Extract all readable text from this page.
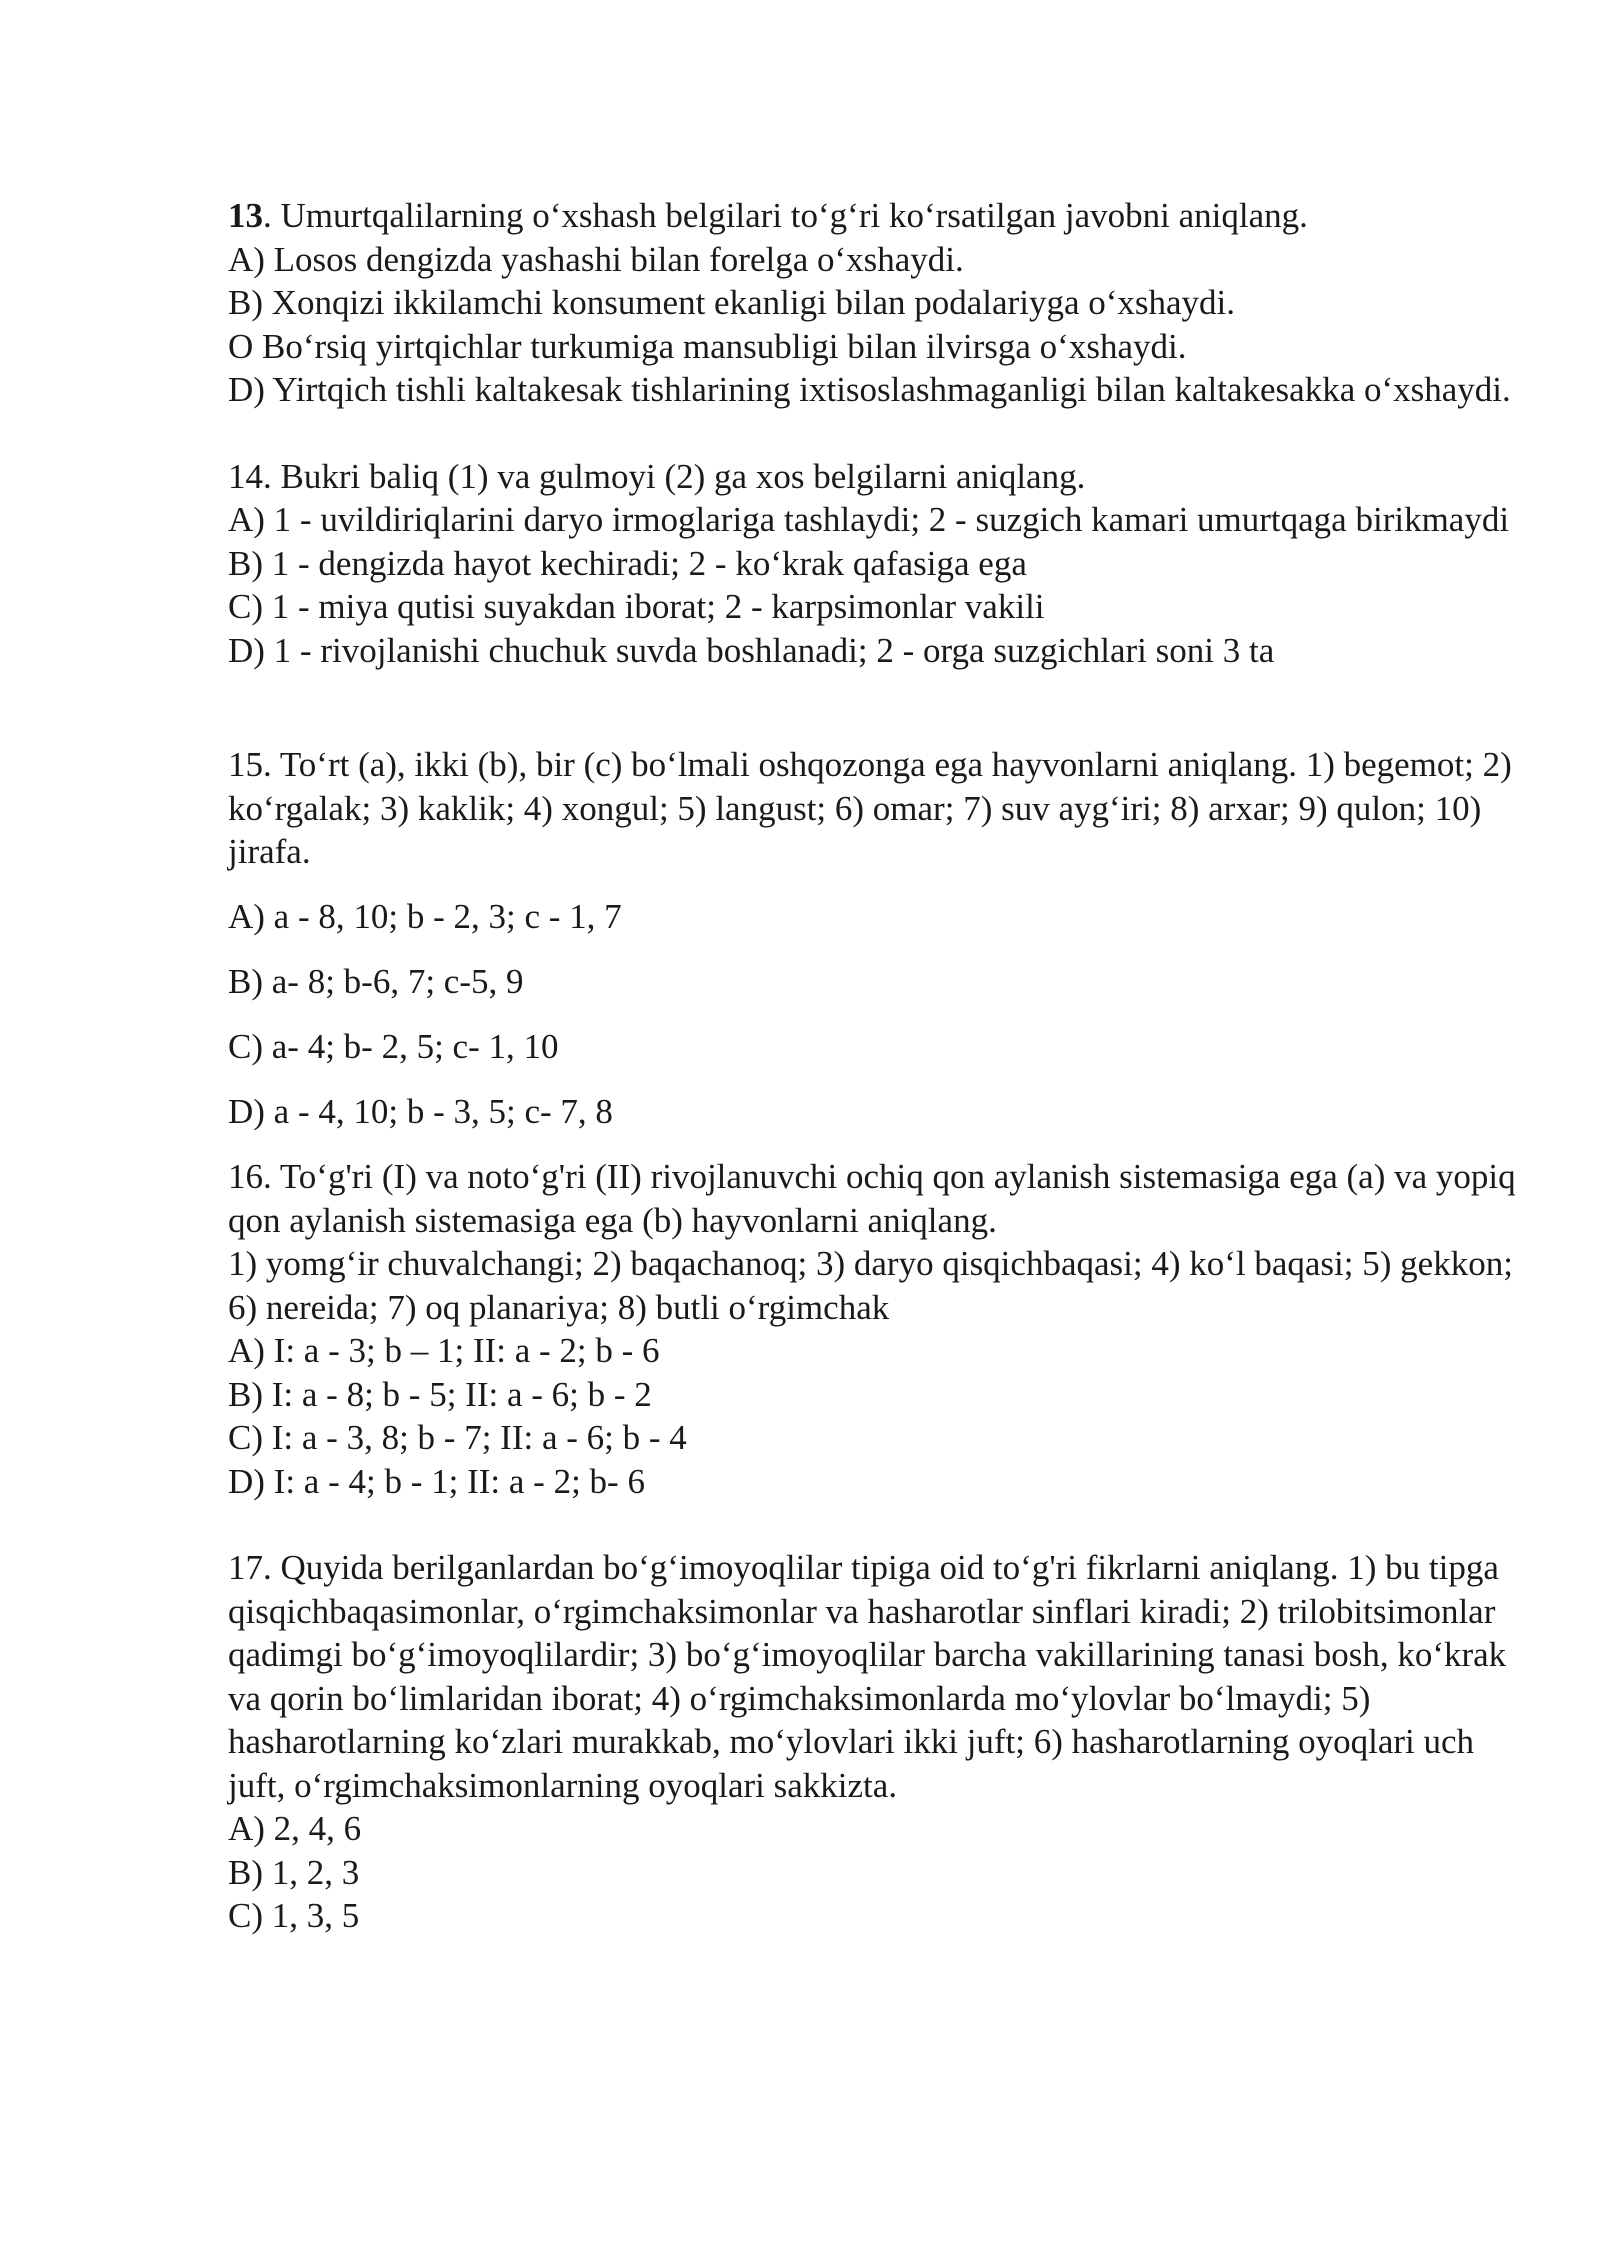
13. Umurtqalilarning o‘xshash belgilari to‘g‘ri ko‘rsatilgan javobni aniqlang.

A) Losos dengizda yashashi bilan forelga o‘xshaydi.

B) Xonqizi ikkilamchi konsument ekanligi bilan podalariyga o‘xshaydi.

O Bo‘rsiq yirtqichlar turkumiga mansubligi bilan ilvirsga o‘xshaydi.

D) Yirtqich tishli kaltakesak tishlarining ixtisoslashmaganligi bilan kaltakesakka o‘xshaydi.

14. Bukri baliq (1) va gulmoyi (2) ga xos belgilarni aniqlang.

A) 1 - uvildiriqlarini daryo irmoglariga tashlaydi; 2 - suzgich kamari umurtqaga birikmaydi

B) 1 - dengizda hayot kechiradi; 2 - ko‘krak qafasiga ega

C) 1 - miya qutisi suyakdan iborat; 2 - karpsimonlar vakili

D) 1 - rivojlanishi chuchuk suvda boshlanadi; 2 - orga suzgichlari soni 3 ta

15. To‘rt (a), ikki (b), bir (c) bo‘lmali oshqozonga ega hayvonlarni aniqlang. 1) begemot; 2) ko‘rgalak; 3) kaklik; 4) xongul; 5) langust; 6) omar; 7) suv ayg‘iri; 8) arxar; 9) qulon; 10) jirafa.

A) a - 8, 10; b - 2, 3; c - 1, 7

B) a- 8; b-6, 7; c-5, 9

C) a- 4; b- 2, 5; c- 1, 10

D) a - 4, 10; b - 3, 5; c- 7, 8

16. To‘g'ri (I) va noto‘g'ri (II) rivojlanuvchi ochiq qon aylanish sistemasiga ega (a) va yopiq qon aylanish sistemasiga ega (b) hayvonlarni aniqlang.

1) yomg‘ir chuvalchangi; 2) baqachanoq; 3) daryo qisqichbaqasi; 4) ko‘l baqasi; 5) gekkon; 6) nereida; 7) oq planariya; 8) butli o‘rgimchak

A) I: a - 3; b – 1; II: a - 2; b - 6

B) I: a - 8; b - 5; II: a - 6; b - 2

C) I: a - 3, 8; b - 7; II: a - 6; b - 4

D) I: a - 4; b - 1; II: a - 2; b- 6

17. Quyida berilganlardan bo‘g‘imoyoqlilar tipiga oid to‘g'ri fikrlarni aniqlang. 1) bu tipga qisqichbaqasimonlar, o‘rgimchaksimonlar va hasharotlar sinflari kiradi; 2) trilobitsimonlar qadimgi bo‘g‘imoyoqlilardir; 3) bo‘g‘imoyoqlilar barcha vakillarining tanasi bosh, ko‘krak va qorin bo‘limlaridan iborat; 4) o‘rgimchaksimonlarda mo‘ylovlar bo‘lmaydi; 5) hasharotlarning ko‘zlari murakkab, mo‘ylovlari ikki juft; 6) hasharotlarning oyoqlari uch juft, o‘rgimchaksimonlarning oyoqlari sakkizta.

A) 2, 4, 6

B) 1, 2, 3

C) 1, 3, 5
